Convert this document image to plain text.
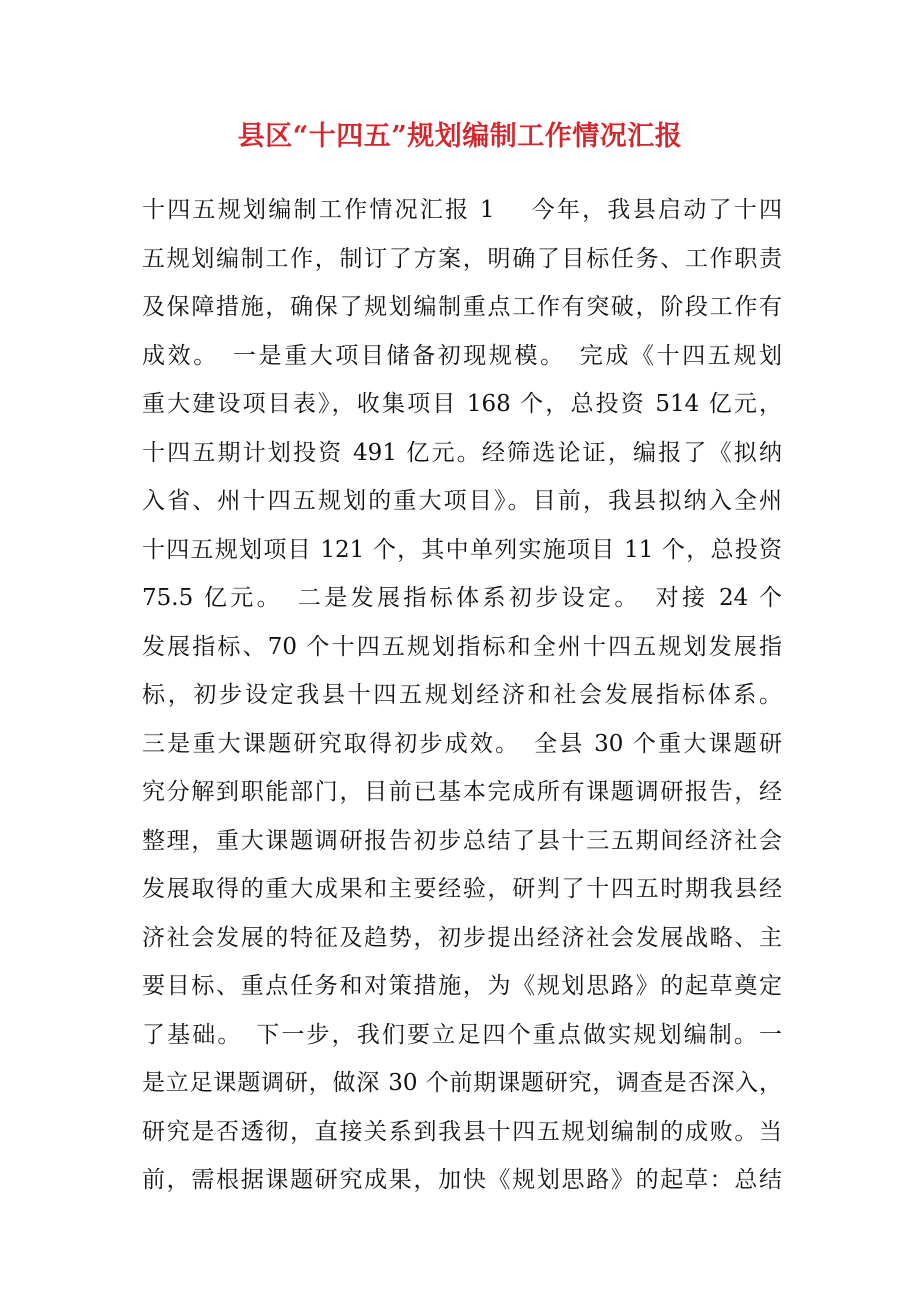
县区“十四五”规划编制工作情况汇报
十四五规划编制工作情况汇报 1　 今年，我县启动了十四
五规划编制工作，制订了方案，明确了目标任务、工作职责
及保障措施，确保了规划编制重点工作有突破，阶段工作有
成效。　一是重大项目储备初现规模。　完成《十四五规划
重大建设项目表》，收集项目 168 个，总投资 514 亿元，
十四五期计划投资 491 亿元。经筛选论证，编报了《拟纳
入省、州十四五规划的重大项目》。目前，我县拟纳入全州
十四五规划项目 121 个，其中单列实施项目 11 个，总投资
75.5 亿元。　二是发展指标体系初步设定。　对接 24 个
发展指标、70 个十四五规划指标和全州十四五规划发展指
标，初步设定我县十四五规划经济和社会发展指标体系。
三是重大课题研究取得初步成效。　全县 30 个重大课题研
究分解到职能部门，目前已基本完成所有课题调研报告，经
整理，重大课题调研报告初步总结了县十三五期间经济社会
发展取得的重大成果和主要经验，研判了十四五时期我县经
济社会发展的特征及趋势，初步提出经济社会发展战略、主
要目标、重点任务和对策措施，为《规划思路》的起草奠定
了基础。　下一步，我们要立足四个重点做实规划编制。一
是立足课题调研，做深 30 个前期课题研究，调查是否深入，
研究是否透彻，直接关系到我县十四五规划编制的成败。当
前，需根据课题研究成果，加快《规划思路》的起草：总结
